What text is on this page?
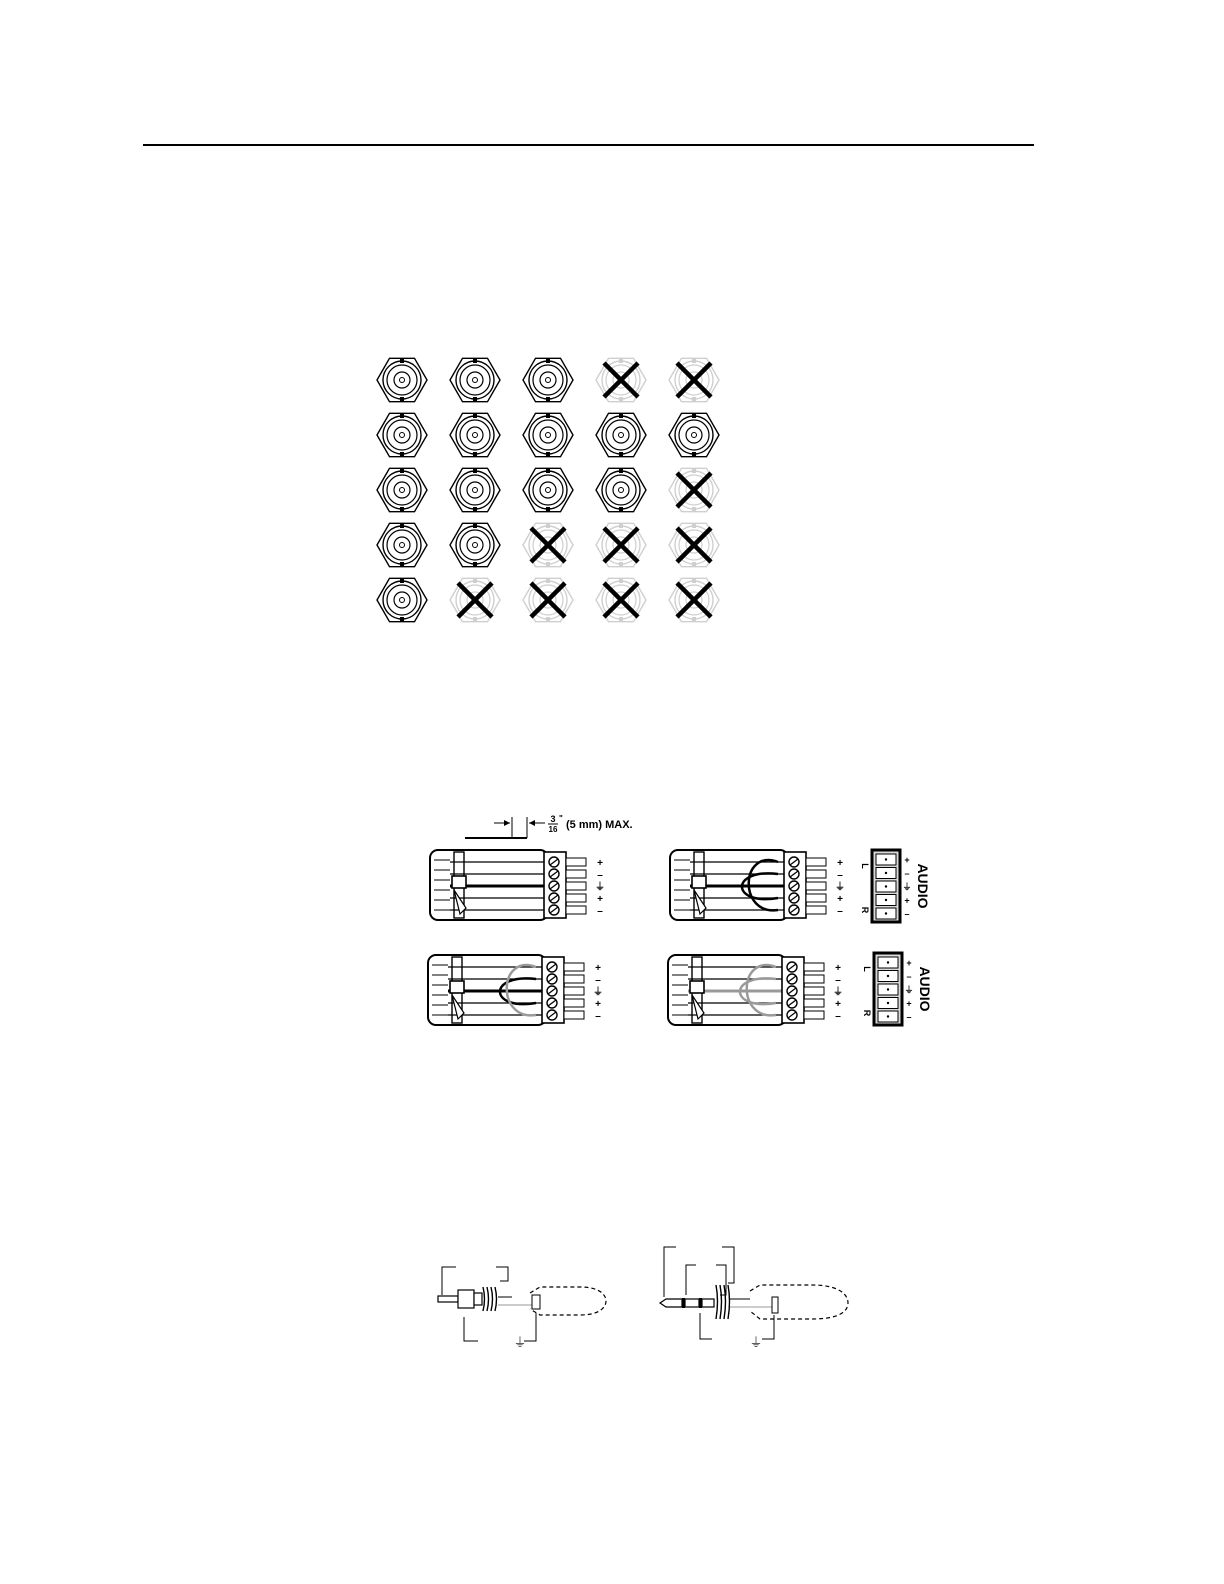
3
16
"
(5 mm) MAX.
+
–
⏚
+
–
+
–
⏚
+
–
+
–
⏚
+
–
+
–
⏚
+
–
+
–
⏚
+
–
L
R
AUDIO
+
–
⏚
+
–
L
R
AUDIO
⏚	⏚
